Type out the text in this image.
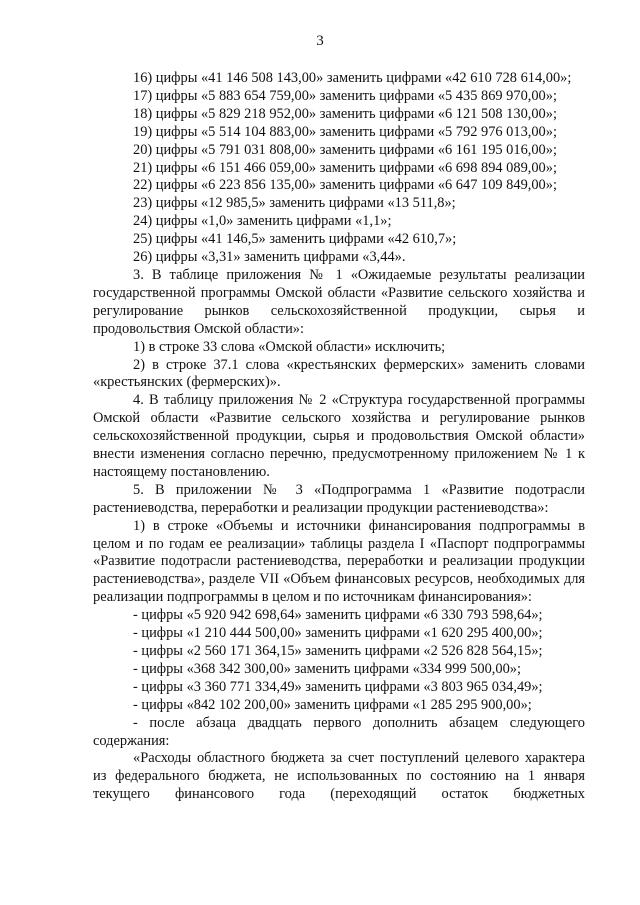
3

16) цифры «41 146 508 143,00» заменить цифрами «42 610 728 614,00»;

17) цифры «5 883 654 759,00» заменить цифрами «5 435 869 970,00»;

18) цифры «5 829 218 952,00» заменить цифрами «6 121 508 130,00»;

19) цифры «5 514 104 883,00» заменить цифрами «5 792 976 013,00»;

20) цифры «5 791 031 808,00» заменить цифрами «6 161 195 016,00»;

21) цифры «6 151 466 059,00» заменить цифрами «6 698 894 089,00»;

22) цифры «6 223 856 135,00» заменить цифрами «6 647 109 849,00»;

23) цифры «12 985,5» заменить цифрами «13 511,8»;

24) цифры «1,0» заменить цифрами «1,1»;

25) цифры «41 146,5» заменить цифрами «42 610,7»;

26) цифры «3,31» заменить цифрами «3,44».

3. В таблице приложения № 1 «Ожидаемые результаты реализации государственной программы Омской области «Развитие сельского хозяйства и регулирование рынков сельскохозяйственной продукции, сырья и продовольствия Омской области»:

1) в строке 33 слова «Омской области» исключить;

2) в строке 37.1 слова «крестьянских фермерских» заменить словами «крестьянских (фермерских)».

4. В таблицу приложения № 2 «Структура государственной программы Омской области «Развитие сельского хозяйства и регулирование рынков сельскохозяйственной продукции, сырья и продовольствия Омской области» внести изменения согласно перечню, предусмотренному приложением № 1 к настоящему постановлению.

5. В приложении № 3 «Подпрограмма 1 «Развитие подотрасли растениеводства, переработки и реализации продукции растениеводства»:

1) в строке «Объемы и источники финансирования подпрограммы в целом и по годам ее реализации» таблицы раздела I «Паспорт подпрограммы «Развитие подотрасли растениеводства, переработки и реализации продукции растениеводства», разделе VII «Объем финансовых ресурсов, необходимых для реализации подпрограммы в целом и по источникам финансирования»:

- цифры «5 920 942 698,64» заменить цифрами «6 330 793 598,64»;

- цифры «1 210 444 500,00» заменить цифрами «1 620 295 400,00»;

- цифры «2 560 171 364,15» заменить цифрами «2 526 828 564,15»;

- цифры «368 342 300,00» заменить цифрами «334 999 500,00»;

- цифры «3 360 771 334,49» заменить цифрами «3 803 965 034,49»;

- цифры «842 102 200,00» заменить цифрами «1 285 295 900,00»;

- после абзаца двадцать первого дополнить абзацем следующего содержания:

«Расходы областного бюджета за счет поступлений целевого характера из федерального бюджета, не использованных по состоянию на 1 января текущего финансового года (переходящий остаток бюджетных
